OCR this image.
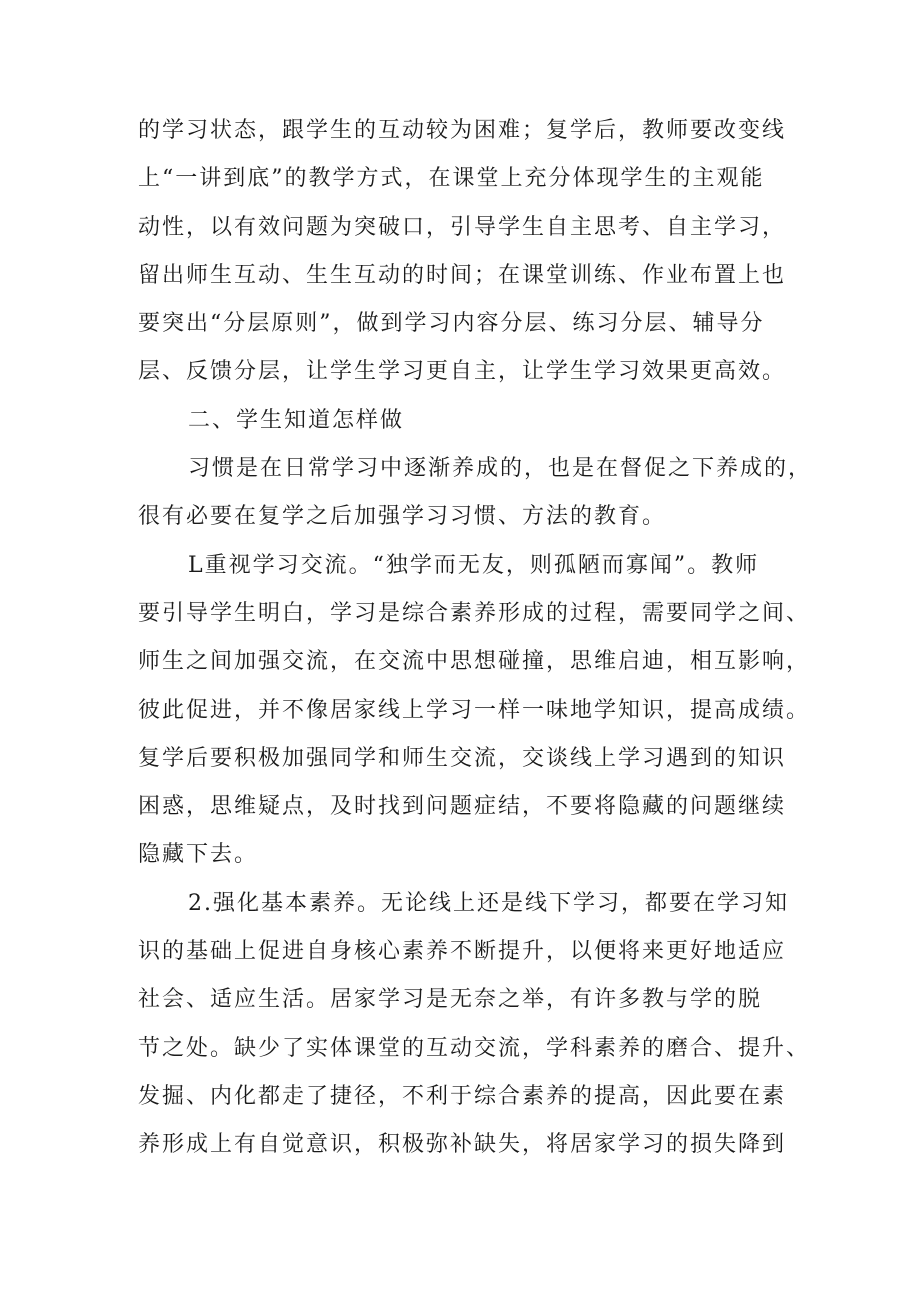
的学习状态，跟学生的互动较为困难；复学后，教师要改变线
上“一讲到底”的教学方式，在课堂上充分体现学生的主观能
动性，以有效问题为突破口，引导学生自主思考、自主学习，
留出师生互动、生生互动的时间；在课堂训练、作业布置上也
要突出“分层原则”，做到学习内容分层、练习分层、辅导分
层、反馈分层，让学生学习更自主，让学生学习效果更高效。
二、学生知道怎样做
习惯是在日常学习中逐渐养成的，也是在督促之下养成的，
很有必要在复学之后加强学习习惯、方法的教育。
L重视学习交流。“独学而无友，则孤陋而寡闻”。教师
要引导学生明白，学习是综合素养形成的过程，需要同学之间、
师生之间加强交流，在交流中思想碰撞，思维启迪，相互影响，
彼此促进，并不像居家线上学习一样一味地学知识，提高成绩。
复学后要积极加强同学和师生交流，交谈线上学习遇到的知识
困惑，思维疑点，及时找到问题症结，不要将隐藏的问题继续
隐藏下去。
2.强化基本素养。无论线上还是线下学习，都要在学习知
识的基础上促进自身核心素养不断提升，以便将来更好地适应
社会、适应生活。居家学习是无奈之举，有许多教与学的脱
节之处。缺少了实体课堂的互动交流，学科素养的磨合、提升、
发掘、内化都走了捷径，不利于综合素养的提高，因此要在素
养形成上有自觉意识，积极弥补缺失，将居家学习的损失降到
